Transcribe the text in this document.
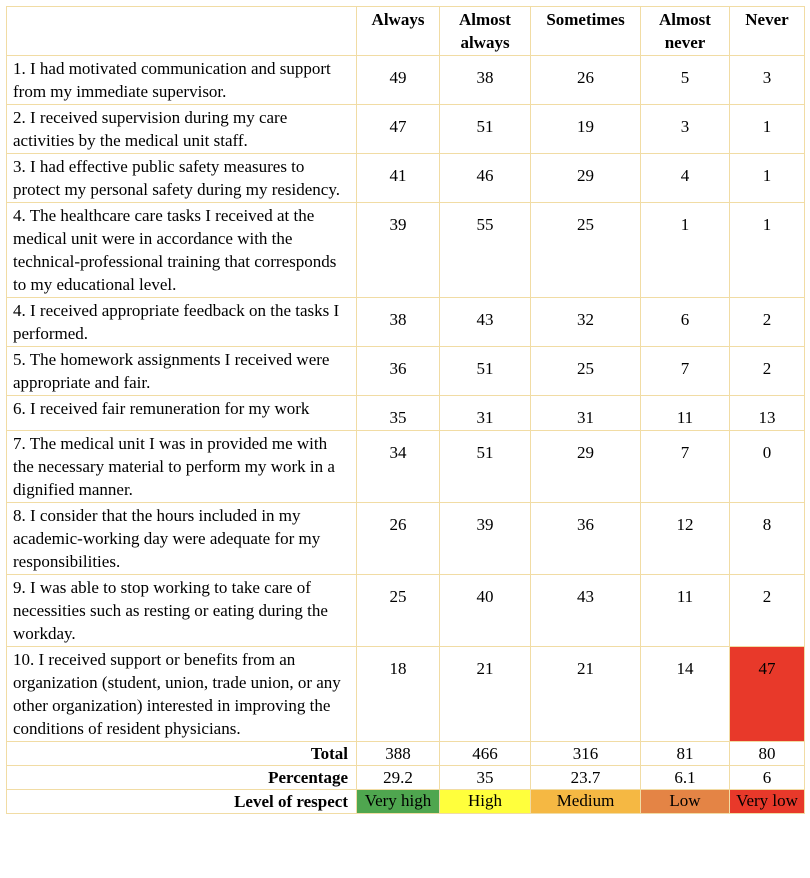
	Always	Almost always	Sometimes	Almost never	Never
1. I had motivated communication and support from my immediate supervisor.	49	38	26	5	3
2. I received supervision during my care activities by the medical unit staff.	47	51	19	3	1
3. I had effective public safety measures to protect my personal safety during my residency.	41	46	29	4	1
4. The healthcare care tasks I received at the medical unit were in accordance with the technical-professional training that corresponds to my educational level.	39	55	25	1	1
4. I received appropriate feedback on the tasks I performed.	38	43	32	6	2
5. The homework assignments I received were appropriate and fair.	36	51	25	7	2
6. I received fair remuneration for my work	35	31	31	11	13
7. The medical unit I was in provided me with the necessary material to perform my work in a dignified manner.	34	51	29	7	0
8. I consider that the hours included in my academic-working day were adequate for my responsibilities.	26	39	36	12	8
9. I was able to stop working to take care of necessities such as resting or eating during the workday.	25	40	43	11	2
10. I received support or benefits from an organization (student, union, trade union, or any other organization) interested in improving the conditions of resident physicians.	18	21	21	14	47
Total	388	466	316	81	80
Percentage	29.2	35	23.7	6.1	6
Level of respect	Very high	High	Medium	Low	Very low
